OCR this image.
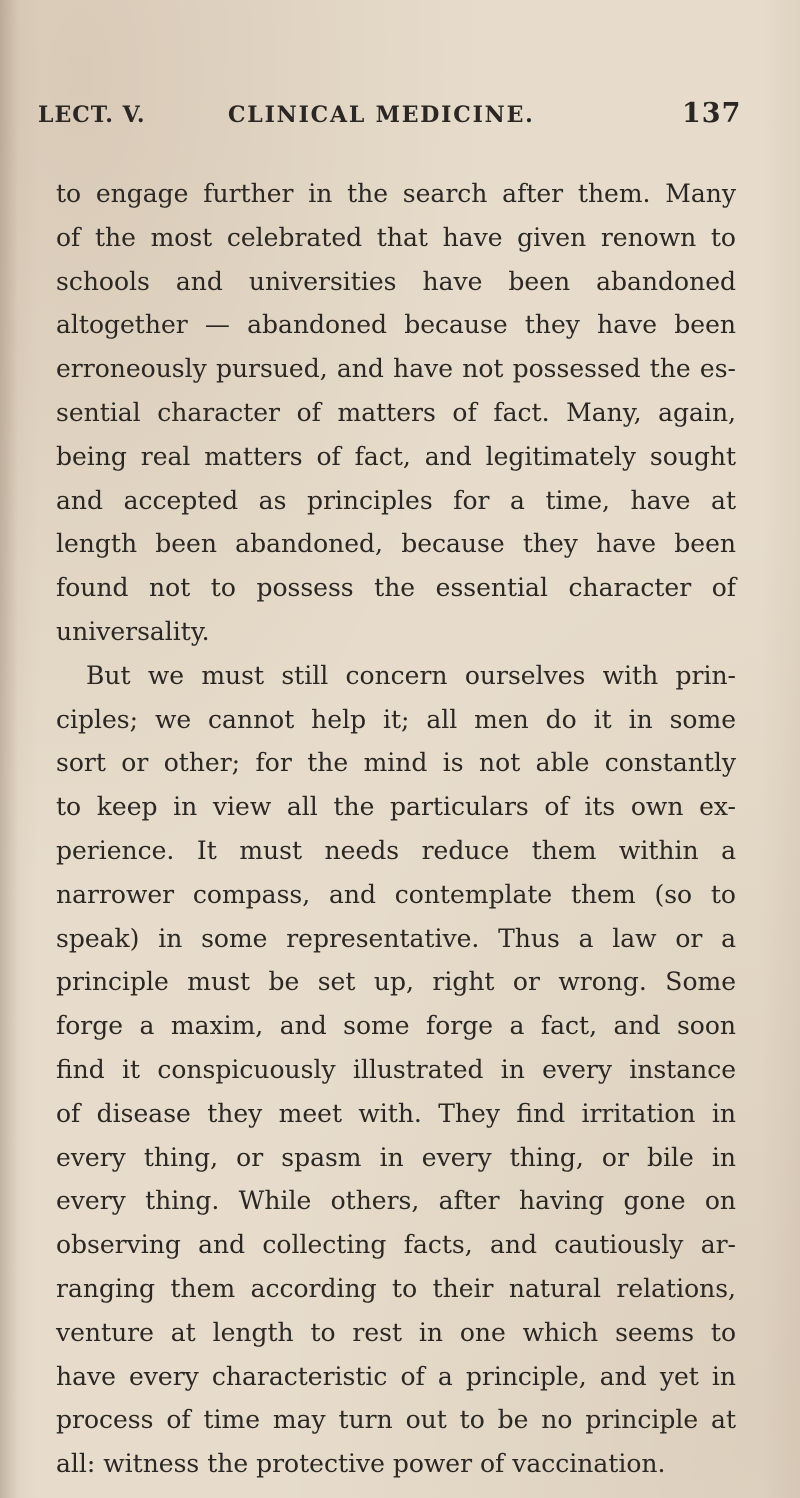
LECT. V.	CLINICAL MEDICINE.	137
to engage further in the search after them. Many
of the most celebrated that have given renown to
schools and universities have been abandoned
altogether — abandoned because they have been
erroneously pursued, and have not possessed the es-
sential character of matters of fact. Many, again,
being real matters of fact, and legitimately sought
and accepted as principles for a time, have at
length been abandoned, because they have been
found not to possess the essential character of
universality.
But we must still concern ourselves with prin-
ciples; we cannot help it; all men do it in some
sort or other; for the mind is not able constantly
to keep in view all the particulars of its own ex-
perience. It must needs reduce them within a
narrower compass, and contemplate them (so to
speak) in some representative. Thus a law or a
principle must be set up, right or wrong. Some
forge a maxim, and some forge a fact, and soon
find it conspicuously illustrated in every instance
of disease they meet with. They find irritation in
every thing, or spasm in every thing, or bile in
every thing. While others, after having gone on
observing and collecting facts, and cautiously ar-
ranging them according to their natural relations,
venture at length to rest in one which seems to
have every characteristic of a principle, and yet in
process of time may turn out to be no principle at
all: witness the protective power of vaccination.
